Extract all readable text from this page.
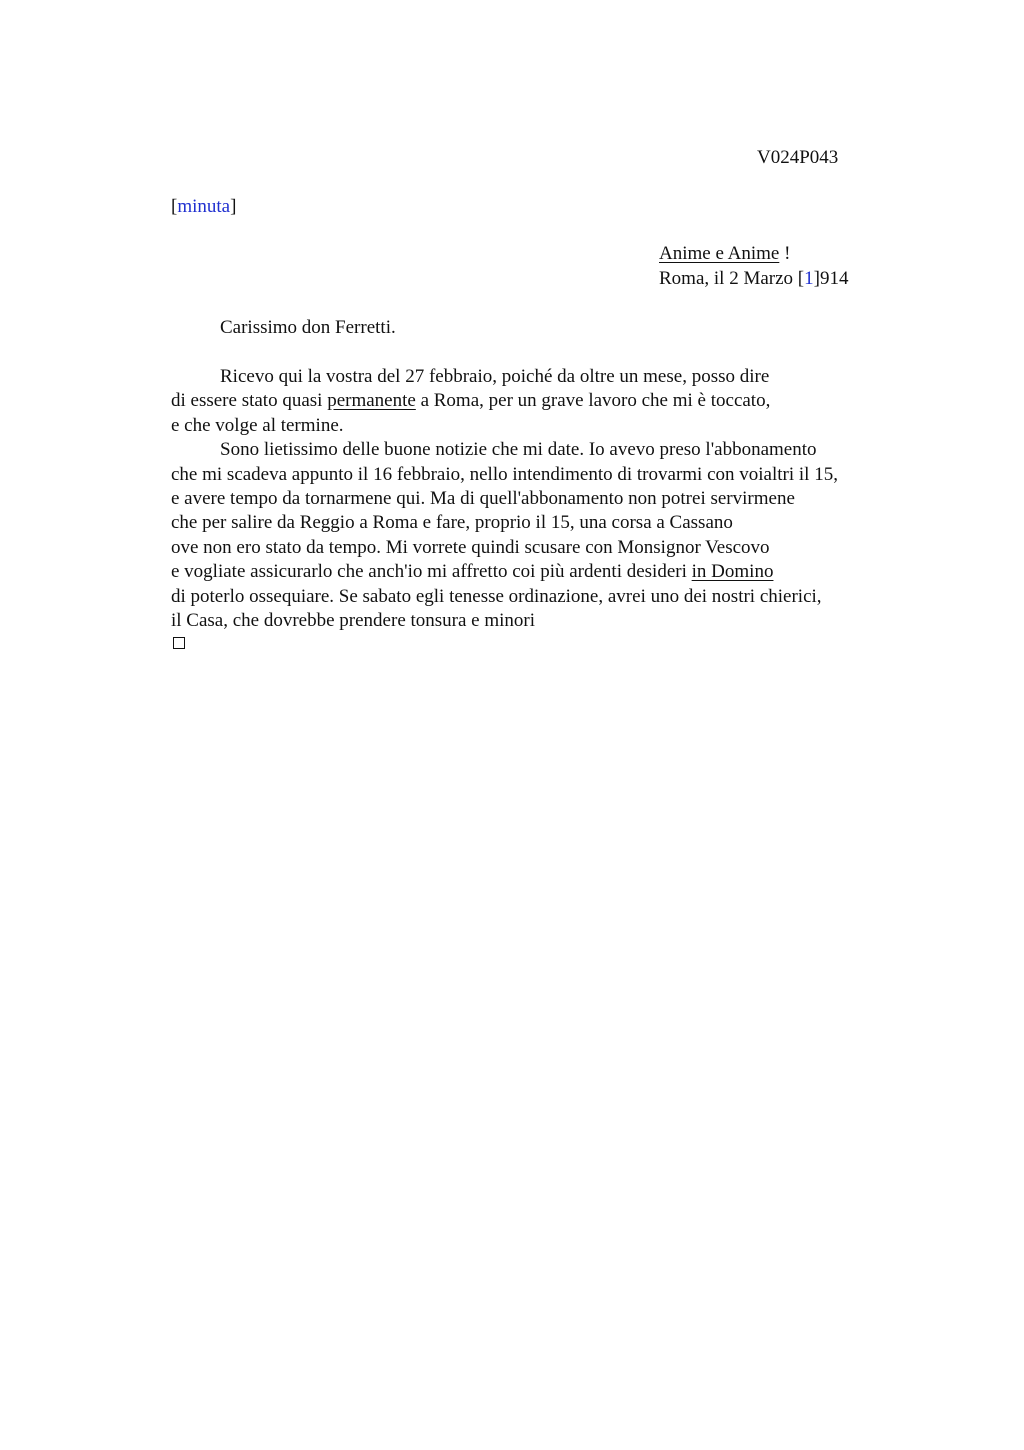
V024P043
[minuta]
Anime e Anime !
Roma, il 2 Marzo [1]914
Carissimo don Ferretti.
Ricevo qui la vostra del 27 febbraio, poiché da oltre un mese, posso dire
di essere stato quasi permanente a Roma, per un grave lavoro che mi è toccato,
e che volge al termine.
Sono lietissimo delle buone notizie che mi date. Io avevo preso l'abbonamento
che mi scadeva appunto il 16 febbraio, nello intendimento di trovarmi con voialtri il 15,
e avere tempo da tornarmene qui. Ma di quell'abbonamento non potrei servirmene
che per salire da Reggio a Roma e fare, proprio il 15, una corsa a Cassano
ove non ero stato da tempo. Mi vorrete quindi scusare con Monsignor Vescovo
e vogliate assicurarlo che anch'io mi affretto coi più ardenti desideri in Domino
di poterlo ossequiare. Se sabato egli tenesse ordinazione, avrei uno dei nostri chierici,
il Casa, che dovrebbe prendere tonsura e minori
